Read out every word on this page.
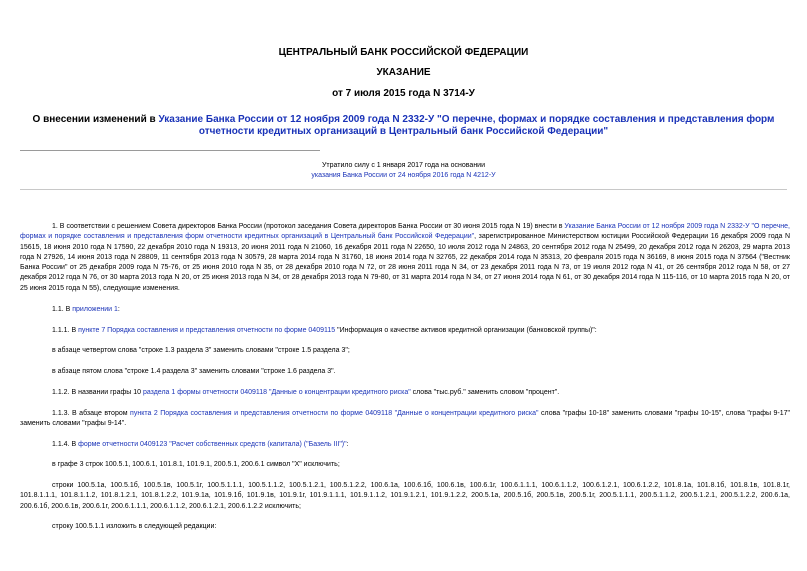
ЦЕНТРАЛЬНЫЙ БАНК РОССИЙСКОЙ ФЕДЕРАЦИИ
УКАЗАНИЕ
от 7 июля 2015 года N 3714-У
О внесении изменений в Указание Банка России от 12 ноября 2009 года N 2332-У "О перечне, формах и порядке составления и представления форм отчетности кредитных организаций в Центральный банк Российской Федерации"
Утратило силу с 1 января 2017 года на основании
указания Банка России от 24 ноября 2016 года N 4212-У
1. В соответствии с решением Совета директоров Банка России (протокол заседания Совета директоров Банка России от 30 июня 2015 года N 19) внести в Указание Банка России от 12 ноября 2009 года N 2332-У "О перечне, формах и порядке составления и представления форм отчетности кредитных организаций в Центральный банк Российской Федерации", зарегистрированное Министерством юстиции Российской Федерации 16 декабря 2009 года N 15615, 18 июня 2010 года N 17590, 22 декабря 2010 года N 19313, 20 июня 2011 года N 21060, 16 декабря 2011 года N 22650, 10 июля 2012 года N 24863, 20 сентября 2012 года N 25499, 20 декабря 2012 года N 26203, 29 марта 2013 года N 27926, 14 июня 2013 года N 28809, 11 сентября 2013 года N 30579, 28 марта 2014 года N 31760, 18 июня 2014 года N 32765, 22 декабря 2014 года N 35313, 20 февраля 2015 года N 36169, 8 июня 2015 года N 37564 ("Вестник Банка России" от 25 декабря 2009 года N 75-76, от 25 июня 2010 года N 35, от 28 декабря 2010 года N 72, от 28 июня 2011 года N 34, от 23 декабря 2011 года N 73, от 19 июля 2012 года N 41, от 26 сентября 2012 года N 58, от 27 декабря 2012 года N 76, от 30 марта 2013 года N 20, от 25 июня 2013 года N 34, от 28 декабря 2013 года N 79-80, от 31 марта 2014 года N 34, от 27 июня 2014 года N 61, от 30 декабря 2014 года N 115-116, от 10 марта 2015 года N 20, от 25 июня 2015 года N 55), следующие изменения.
1.1. В приложении 1:
1.1.1. В пункте 7 Порядка составления и представления отчетности по форме 0409115 "Информация о качестве активов кредитной организации (банковской группы)":
в абзаце четвертом слова "строке 1.3 раздела 3" заменить словами "строке 1.5 раздела 3";
в абзаце пятом слова "строке 1.4 раздела 3" заменить словами "строке 1.6 раздела 3".
1.1.2. В названии графы 10 раздела 1 формы отчетности 0409118 "Данные о концентрации кредитного риска" слова "тыс.руб." заменить словом "процент".
1.1.3. В абзаце втором пункта 2 Порядка составления и представления отчетности по форме 0409118 "Данные о концентрации кредитного риска" слова "графы 10-18" заменить словами "графы 10-15", слова "графы 9-17" заменить словами "графы 9-14".
1.1.4. В форме отчетности 0409123 "Расчет собственных средств (капитала) ("Базель III")":
в графе 3 строк 100.5.1, 100.6.1, 101.8.1, 101.9.1, 200.5.1, 200.6.1 символ "X" исключить;
строки 100.5.1а, 100.5.1б, 100.5.1в, 100.5.1г, 100.5.1.1.1, 100.5.1.1.2, 100.5.1.2.1, 100.5.1.2.2, 100.6.1а, 100.6.1б, 100.6.1в, 100.6.1г, 100.6.1.1.1, 100.6.1.1.2, 100.6.1.2.1, 100.6.1.2.2, 101.8.1а, 101.8.1б, 101.8.1в, 101.8.1г, 101.8.1.1.1, 101.8.1.1.2, 101.8.1.2.1, 101.8.1.2.2, 101.9.1а, 101.9.1б, 101.9.1в, 101.9.1г, 101.9.1.1.1, 101.9.1.1.2, 101.9.1.2.1, 101.9.1.2.2, 200.5.1а, 200.5.1б, 200.5.1в, 200.5.1г, 200.5.1.1.1, 200.5.1.1.2, 200.5.1.2.1, 200.5.1.2.2, 200.6.1а, 200.6.1б, 200.6.1в, 200.6.1г, 200.6.1.1.1, 200.6.1.1.2, 200.6.1.2.1, 200.6.1.2.2 исключить;
строку 100.5.1.1 изложить в следующей редакции:
